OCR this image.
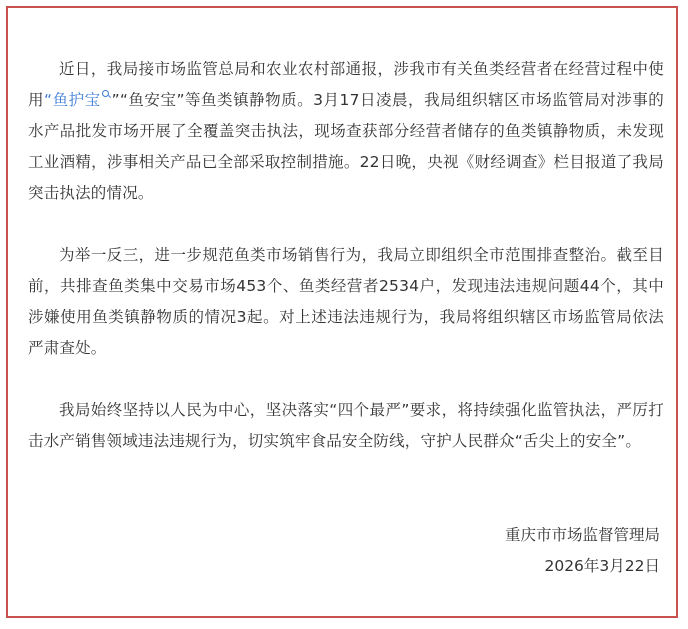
近日，我局接市场监管总局和农业农村部通报，涉我市有关鱼类经营者在经营过程中使用“鱼护宝 ”“鱼安宝”等鱼类镇静物质。3月17日凌晨，我局组织辖区市场监管局对涉事的水产品批发市场开展了全覆盖突击执法，现场查获部分经营者储存的鱼类镇静物质，未发现工业酒精，涉事相关产品已全部采取控制措施。22日晚，央视《财经调查》栏目报道了我局突击执法的情况。

为举一反三，进一步规范鱼类市场销售行为，我局立即组织全市范围排查整治。截至目前，共排查鱼类集中交易市场453个、鱼类经营者2534户，发现违法违规问题44个，其中涉嫌使用鱼类镇静物质的情况3起。对上述违法违规行为，我局将组织辖区市场监管局依法严肃查处。

我局始终坚持以人民为中心，坚决落实“四个最严”要求，将持续强化监管执法，严厉打击水产销售领域违法违规行为，切实筑牢食品安全防线，守护人民群众“舌尖上的安全”。

重庆市市场监督管理局
2026年3月22日
